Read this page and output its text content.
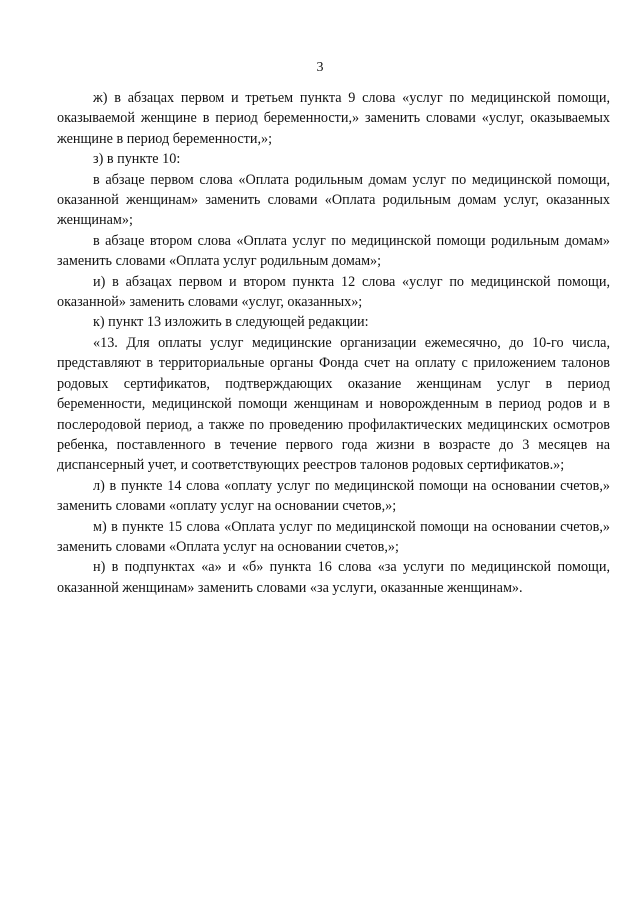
3

ж) в абзацах первом и третьем пункта 9 слова «услуг по медицинской помощи, оказываемой женщине в период беременности,» заменить словами «услуг, оказываемых женщине в период беременности,»;

з) в пункте 10:

в абзаце первом слова «Оплата родильным домам услуг по медицинской помощи, оказанной женщинам» заменить словами «Оплата родильным домам услуг, оказанных женщинам»;

в абзаце втором слова «Оплата услуг по медицинской помощи родильным домам» заменить словами «Оплата услуг родильным домам»;

и) в абзацах первом и втором пункта 12 слова «услуг по медицинской помощи, оказанной» заменить словами «услуг, оказанных»;

к) пункт 13 изложить в следующей редакции:

«13. Для оплаты услуг медицинские организации ежемесячно, до 10-го числа, представляют в территориальные органы Фонда счет на оплату с приложением талонов родовых сертификатов, подтверждающих оказание женщинам услуг в период беременности, медицинской помощи женщинам и новорожденным в период родов и в послеродовой период, а также по проведению профилактических медицинских осмотров ребенка, поставленного в течение первого года жизни в возрасте до 3 месяцев на диспансерный учет, и соответствующих реестров талонов родовых сертификатов.»;

л) в пункте 14 слова «оплату услуг по медицинской помощи на основании счетов,» заменить словами «оплату услуг на основании счетов,»;

м) в пункте 15 слова «Оплата услуг по медицинской помощи на основании счетов,» заменить словами «Оплата услуг на основании счетов,»;

н) в подпунктах «а» и «б» пункта 16 слова «за услуги по медицинской помощи, оказанной женщинам» заменить словами «за услуги, оказанные женщинам».
